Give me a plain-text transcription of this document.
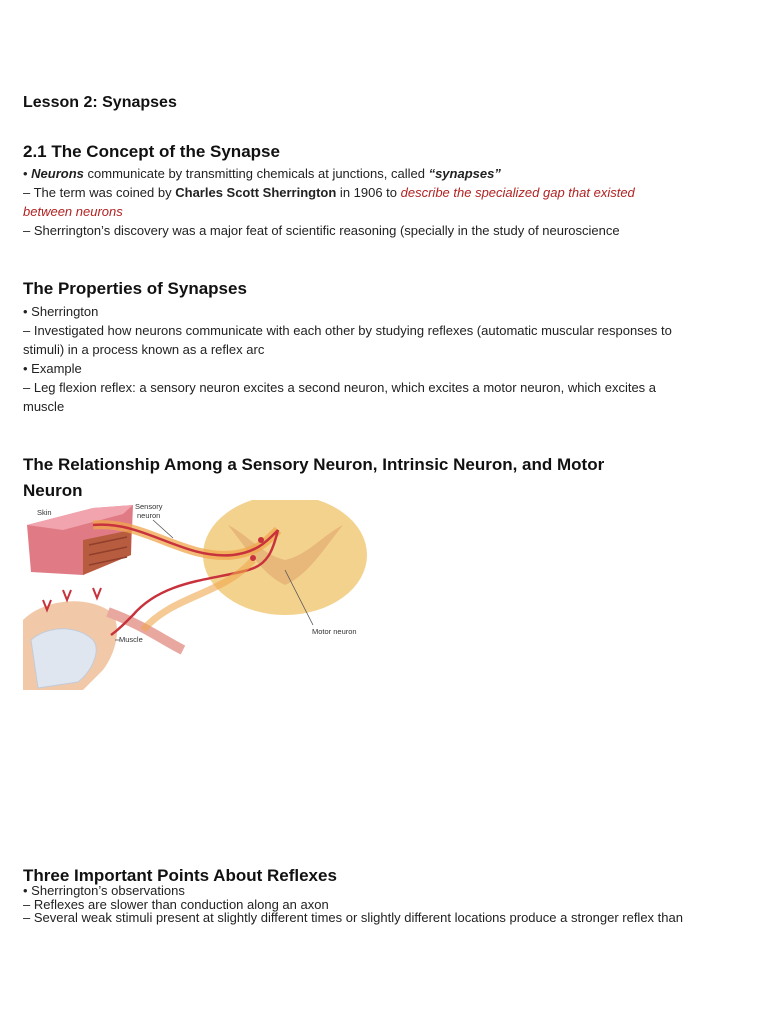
Lesson 2: Synapses
2.1 The Concept of the Synapse
• Neurons communicate by transmitting chemicals at junctions, called “synapses”
– The term was coined by Charles Scott Sherrington in 1906 to describe the specialized gap that existed
between neurons
– Sherrington’s discovery was a major feat of scientific reasoning (specially in the study of neuroscience
The Properties of Synapses
• Sherrington
– Investigated how neurons communicate with each other by studying reflexes (automatic muscular responses to
stimuli) in a process known as a reflex arc
• Example
– Leg flexion reflex: a sensory neuron excites a second neuron, which excites a motor neuron, which excites a
muscle
The Relationship Among a Sensory Neuron, Intrinsic Neuron, and Motor
Neuron
Skin
Sensory
neuron
Motor neuron
Muscle
Three Important Points About Reflexes
• Sherrington’s observations
– Reflexes are slower than conduction along an axon
– Several weak stimuli present at slightly different times or slightly different locations produce a stronger reflex than
